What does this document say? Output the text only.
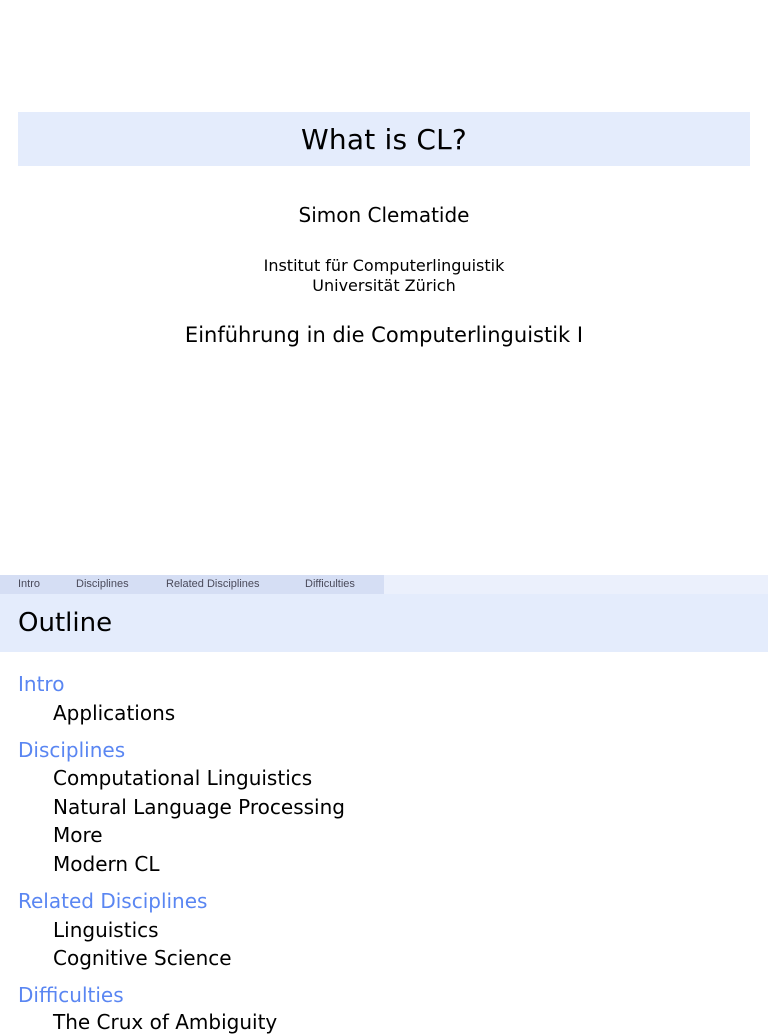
What is CL?
Simon Clematide
Institut für Computerlinguistik
Universität Zürich
Einführung in die Computerlinguistik I
Intro	Disciplines	Related Disciplines	Difficulties
Outline
Intro
Applications
Disciplines
Computational Linguistics
Natural Language Processing
More
Modern CL
Related Disciplines
Linguistics
Cognitive Science
Difficulties
The Crux of Ambiguity
